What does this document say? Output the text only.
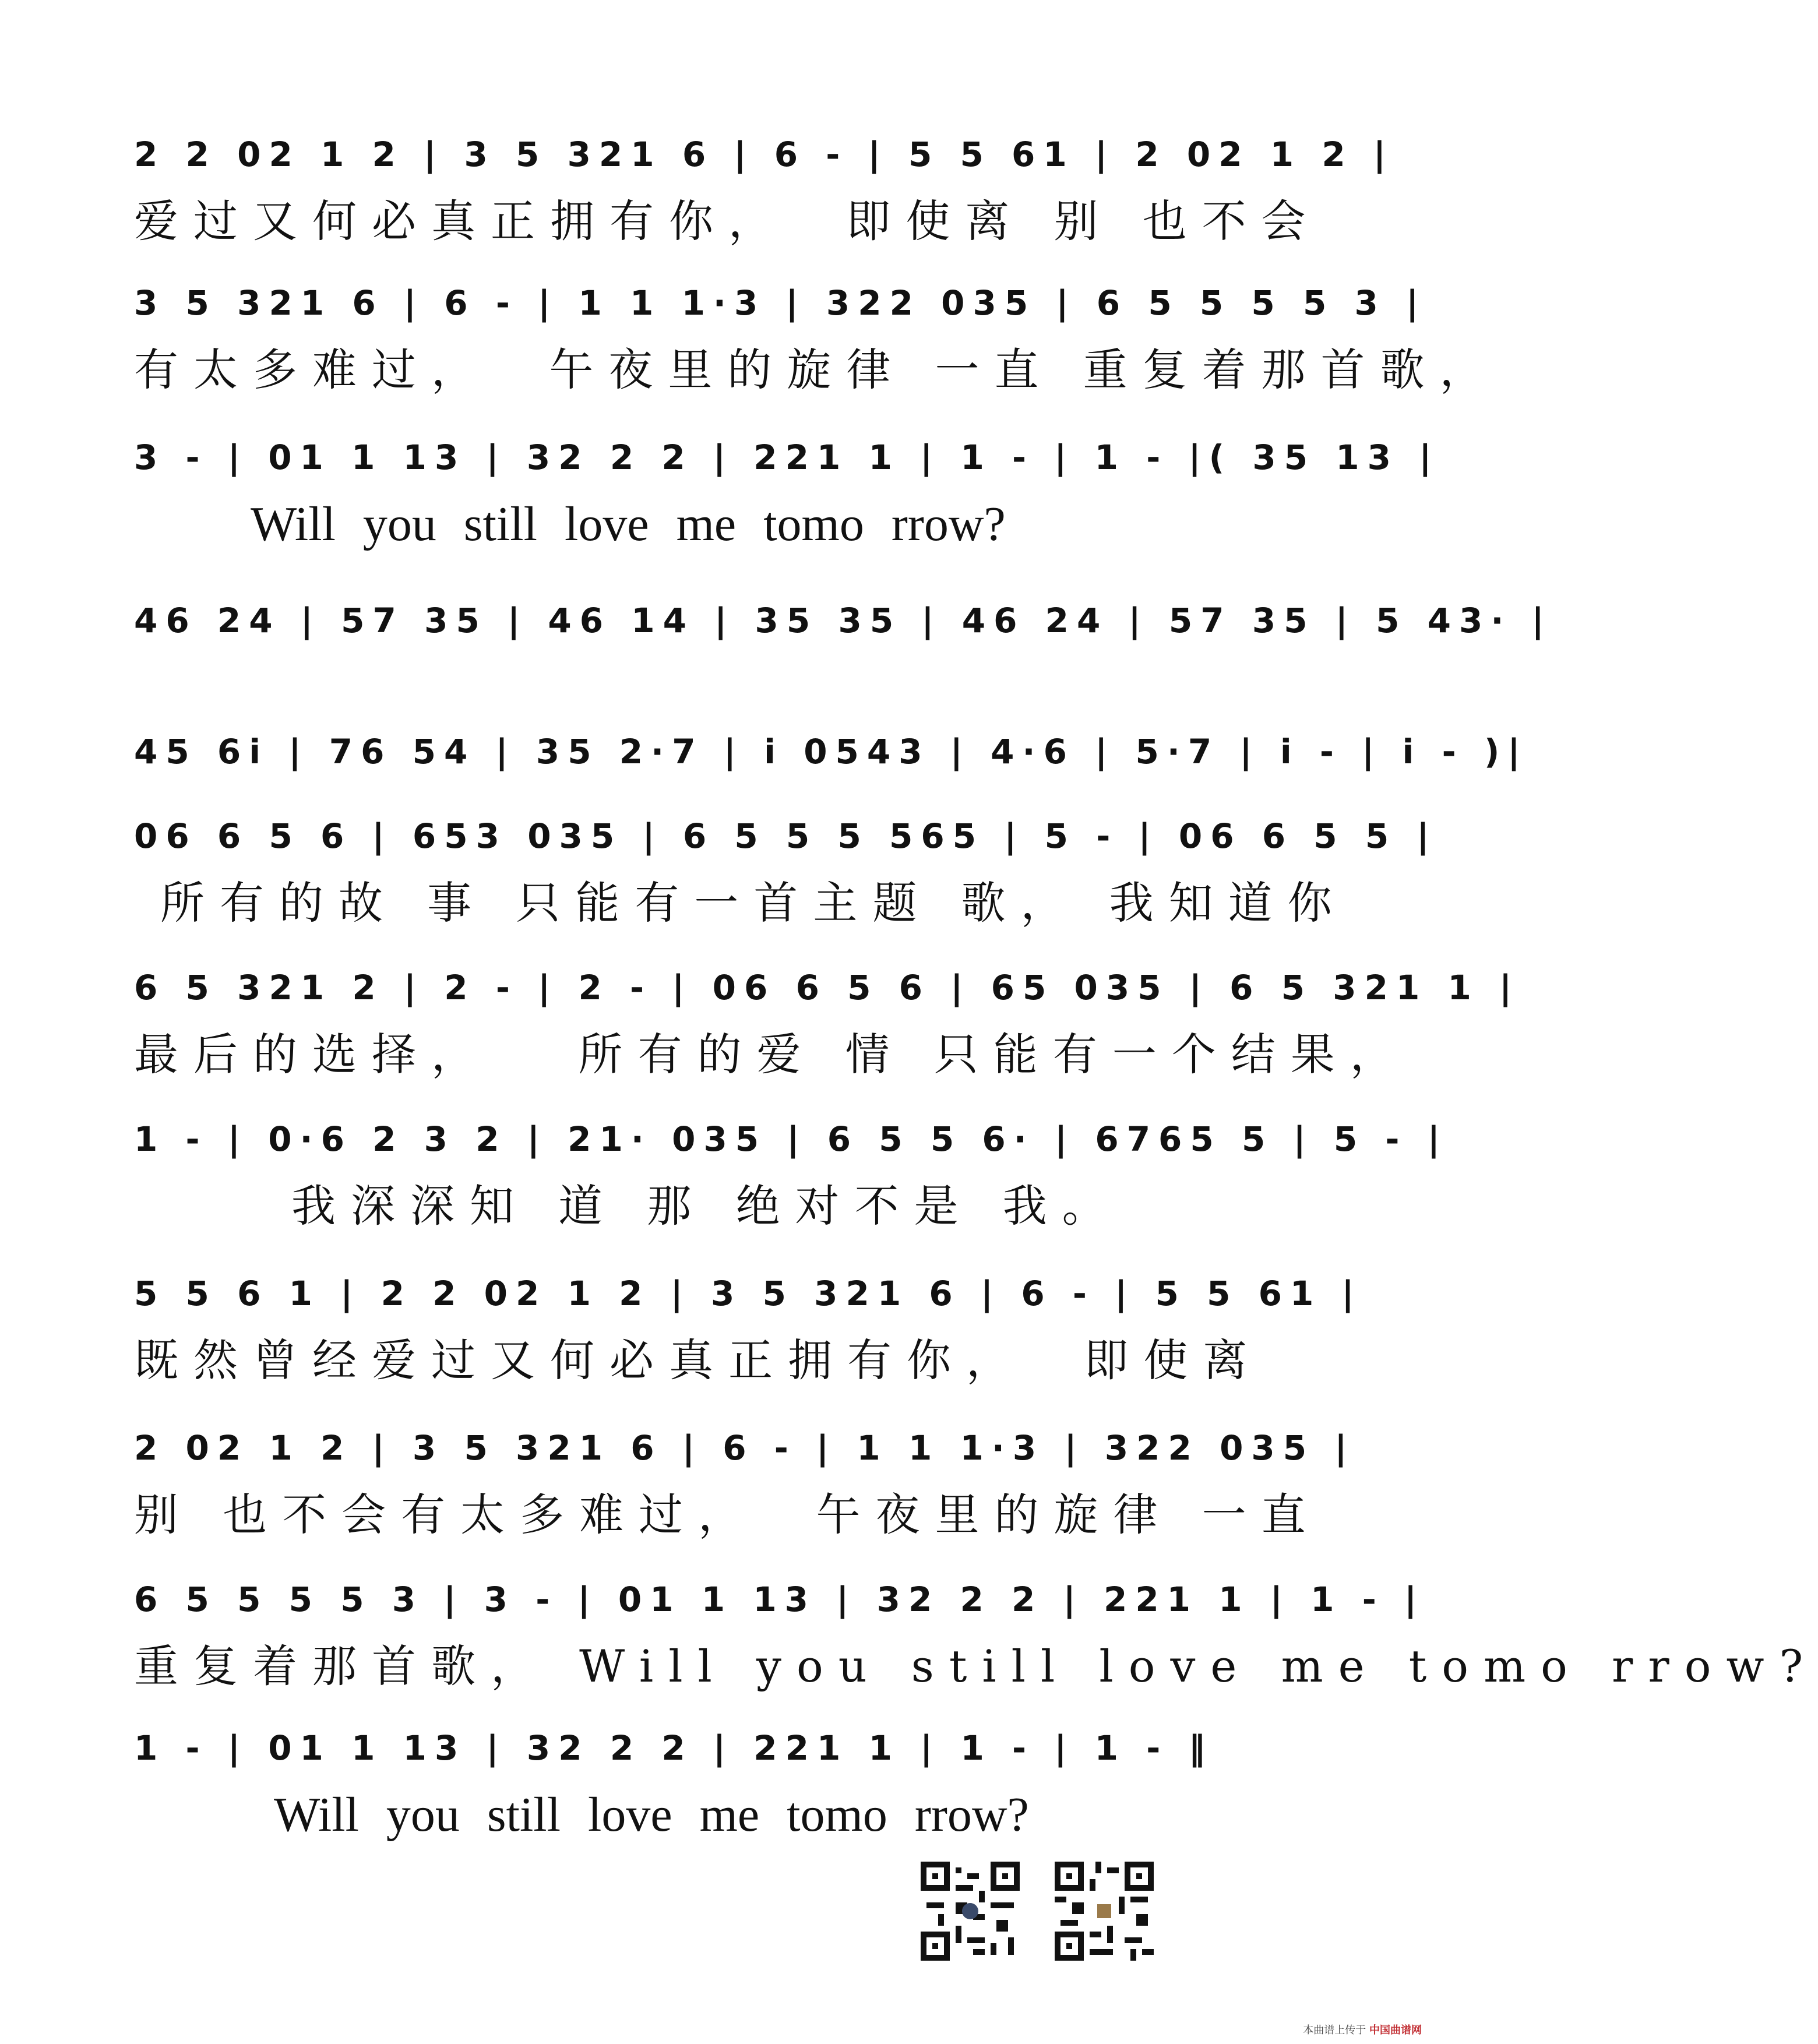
2 2 02 1 2 | 3 5 321 6 | 6 - | 5 5 61 | 2 02 1 2 |
爱过又何必真正拥有你，  即使离 别 也不会
3 5 321 6 | 6 - | 1 1 1·3 | 322 035 | 6 5 5 5 5 3 |
有太多难过，  午夜里的旋律 一直 重复着那首歌，
3 - | 01 1 13 | 32 2 2 | 221 1 | 1 - | 1 - |( 35 13 |
Will you still love me tomo rrow?
46 24 | 57 35 | 46 14 | 35 35 | 46 24 | 57 35 | 5 43· |
45 6i | 76 54 | 35 2·7 | i 0543 | 4·6 | 5·7 | i - | i - )|
06 6 5 6 | 653 035 | 6 5 5 5 565 | 5 - | 06 6 5 5 |
所有的故 事 只能有一首主题 歌， 我知道你
6 5 321 2 | 2 - | 2 - | 06 6 5 6 | 65 035 | 6 5 321 1 |
最后的选择，   所有的爱 情 只能有一个结果，
1 - | 0·6 2 3 2 | 21· 035 | 6 5 5 6· | 6765 5 | 5 - |
我深深知 道 那 绝对不是 我。
5 5 6 1 | 2 2 02 1 2 | 3 5 321 6 | 6 - | 5 5 61 |
既然曾经爱过又何必真正拥有你，  即使离
2 02 1 2 | 3 5 321 6 | 6 - | 1 1 1·3 | 322 035 |
别 也不会有太多难过，  午夜里的旋律 一直
6 5 5 5 5 3 | 3 - | 01 1 13 | 32 2 2 | 221 1 | 1 - |
重复着那首歌， Will you still love me tomo rrow?
1 - | 01 1 13 | 32 2 2 | 221 1 | 1 - | 1 - ‖
Will you still love me tomo rrow?
本曲谱上传于 中国曲谱网
